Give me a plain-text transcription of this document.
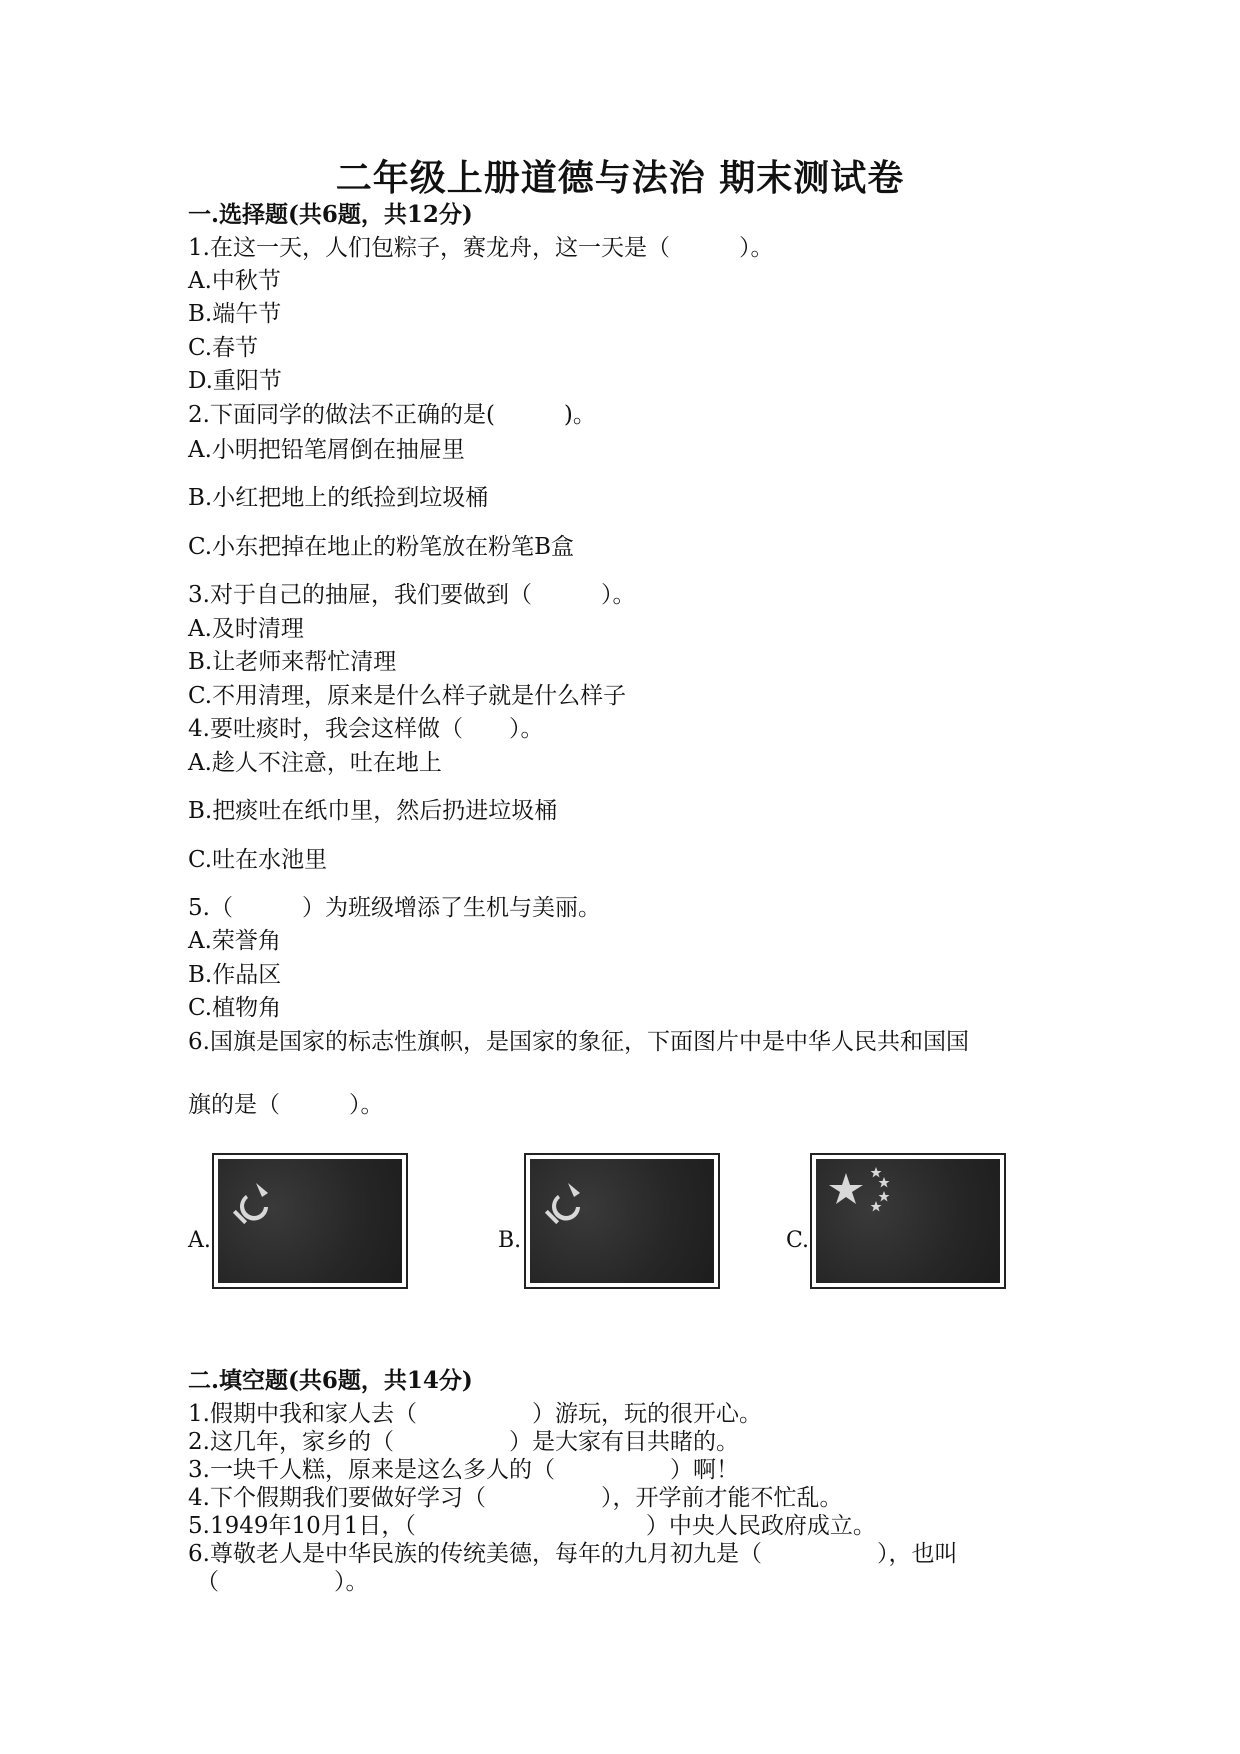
二年级上册道德与法治 期末测试卷
一.选择题(共6题，共12分)
1.在这一天，人们包粽子，赛龙舟，这一天是（　　　）。
A.中秋节
B.端午节
C.春节
D.重阳节
2.下面同学的做法不正确的是(　　　)。
A.小明把铅笔屑倒在抽屉里
B.小红把地上的纸捡到垃圾桶
C.小东把掉在地止的粉笔放在粉笔B盒
3.对于自己的抽屉，我们要做到（　　　）。
A.及时清理
B.让老师来帮忙清理
C.不用清理，原来是什么样子就是什么样子
4.要吐痰时，我会这样做（　　）。
A.趁人不注意，吐在地上
B.把痰吐在纸巾里，然后扔进垃圾桶
C.吐在水池里
5.（　　　）为班级增添了生机与美丽。
A.荣誉角
B.作品区
C.植物角
6.国旗是国家的标志性旗帜，是国家的象征，下面图片中是中华人民共和国国
旗的是（　　　）。
A.	B.	C.
二.填空题(共6题，共14分)
1.假期中我和家人去（　　　　　）游玩，玩的很开心。
2.这几年，家乡的（　　　　　）是大家有目共睹的。
3.一块千人糕，原来是这么多人的（　　　　　）啊！
4.下个假期我们要做好学习（　　　　　），开学前才能不忙乱。
5.1949年10月1日，（　　　　　　　　　　）中央人民政府成立。
6.尊敬老人是中华民族的传统美德，每年的九月初九是（　　　　　），也叫
（　　　　　）。
